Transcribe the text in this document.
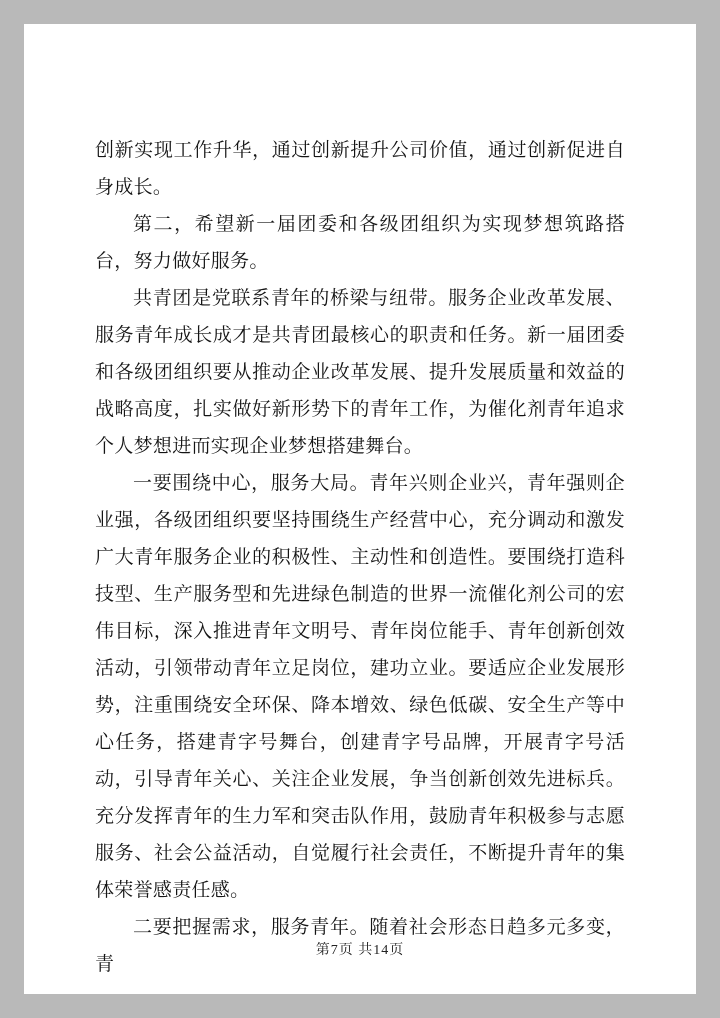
创新实现工作升华，通过创新提升公司价值，通过创新促进自身成长。

第二，希望新一届团委和各级团组织为实现梦想筑路搭台，努力做好服务。

共青团是党联系青年的桥梁与纽带。服务企业改革发展、服务青年成长成才是共青团最核心的职责和任务。新一届团委和各级团组织要从推动企业改革发展、提升发展质量和效益的战略高度，扎实做好新形势下的青年工作，为催化剂青年追求个人梦想进而实现企业梦想搭建舞台。

一要围绕中心，服务大局。青年兴则企业兴，青年强则企业强，各级团组织要坚持围绕生产经营中心，充分调动和激发广大青年服务企业的积极性、主动性和创造性。要围绕打造科技型、生产服务型和先进绿色制造的世界一流催化剂公司的宏伟目标，深入推进青年文明号、青年岗位能手、青年创新创效活动，引领带动青年立足岗位，建功立业。要适应企业发展形势，注重围绕安全环保、降本增效、绿色低碳、安全生产等中心任务，搭建青字号舞台，创建青字号品牌，开展青字号活动，引导青年关心、关注企业发展，争当创新创效先进标兵。充分发挥青年的生力军和突击队作用，鼓励青年积极参与志愿服务、社会公益活动，自觉履行社会责任，不断提升青年的集体荣誉感责任感。

二要把握需求，服务青年。随着社会形态日趋多元多变，青

第7页 共14页
